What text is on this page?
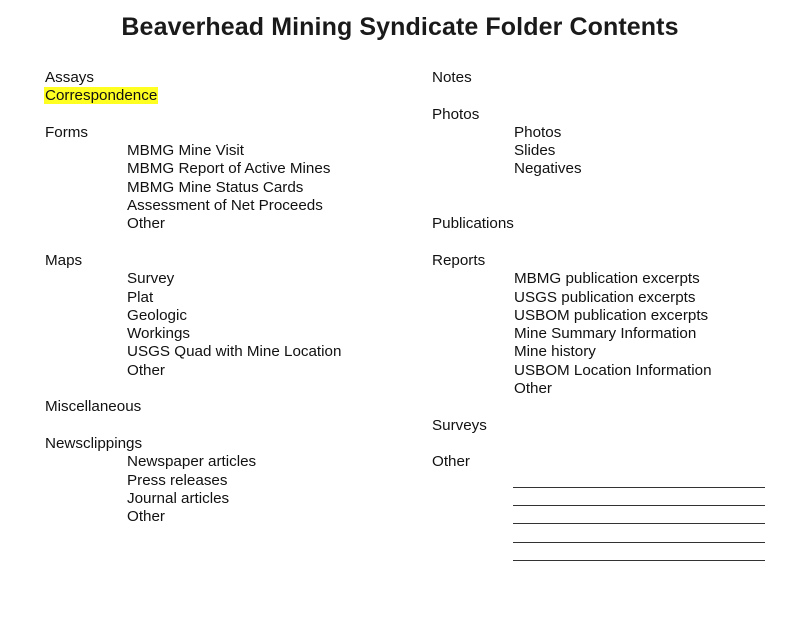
Beaverhead Mining Syndicate Folder Contents
Assays
Correspondence
Forms
MBMG Mine Visit
MBMG Report of Active Mines
MBMG Mine Status Cards
Assessment of Net Proceeds
Other
Maps
Survey
Plat
Geologic
Workings
USGS Quad with Mine Location
Other
Miscellaneous
Newsclippings
Newspaper articles
Press releases
Journal articles
Other
Notes
Photos
Photos
Slides
Negatives
Publications
Reports
MBMG publication excerpts
USGS publication excerpts
USBOM publication excerpts
Mine Summary Information
Mine history
USBOM Location Information
Other
Surveys
Other
